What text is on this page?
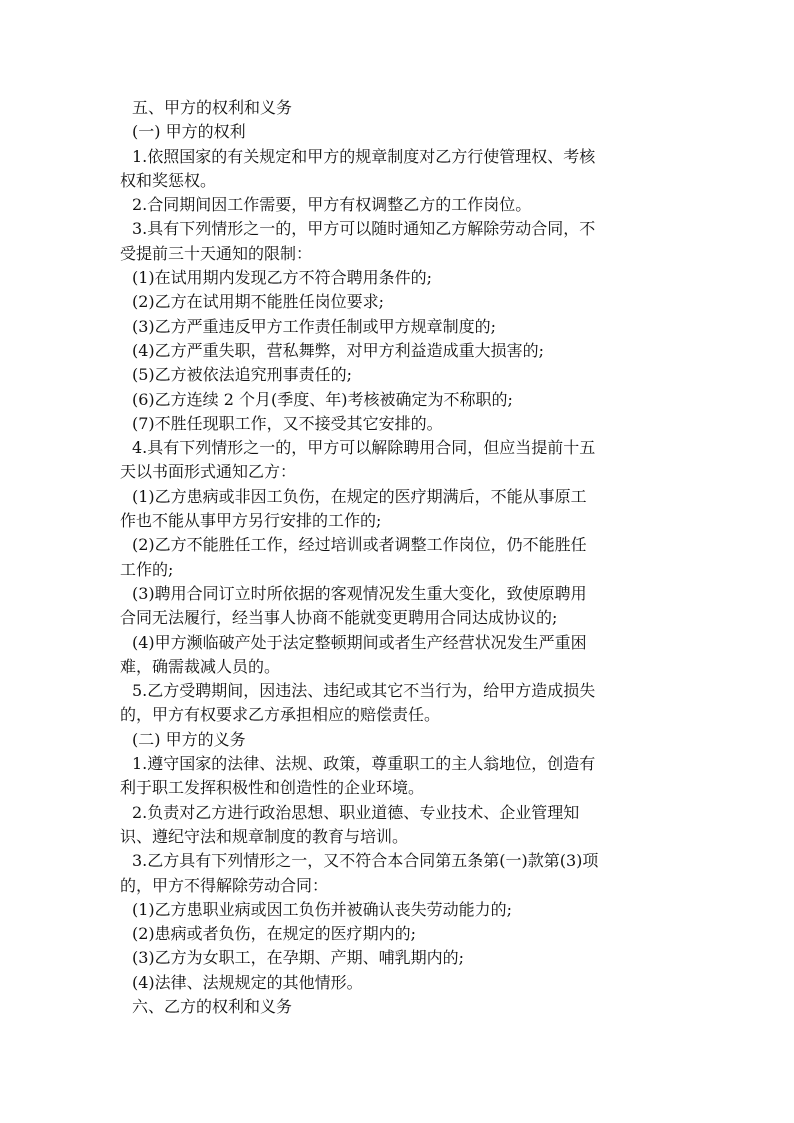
五、甲方的权利和义务
(一) 甲方的权利
1.依照国家的有关规定和甲方的规章制度对乙方行使管理权、考核
权和奖惩权。
2.合同期间因工作需要，甲方有权调整乙方的工作岗位。
3.具有下列情形之一的，甲方可以随时通知乙方解除劳动合同，不
受提前三十天通知的限制：
(1)在试用期内发现乙方不符合聘用条件的;
(2)乙方在试用期不能胜任岗位要求;
(3)乙方严重违反甲方工作责任制或甲方规章制度的;
(4)乙方严重失职，营私舞弊，对甲方利益造成重大损害的;
(5)乙方被依法追究刑事责任的;
(6)乙方连续 2 个月(季度、年)考核被确定为不称职的;
(7)不胜任现职工作，又不接受其它安排的。
4.具有下列情形之一的，甲方可以解除聘用合同，但应当提前十五
天以书面形式通知乙方：
(1)乙方患病或非因工负伤，在规定的医疗期满后，不能从事原工
作也不能从事甲方另行安排的工作的;
(2)乙方不能胜任工作，经过培训或者调整工作岗位，仍不能胜任
工作的;
(3)聘用合同订立时所依据的客观情况发生重大变化，致使原聘用
合同无法履行，经当事人协商不能就变更聘用合同达成协议的;
(4)甲方濒临破产处于法定整顿期间或者生产经营状况发生严重困
难，确需裁减人员的。
5.乙方受聘期间，因违法、违纪或其它不当行为，给甲方造成损失
的，甲方有权要求乙方承担相应的赔偿责任。
(二) 甲方的义务
1.遵守国家的法律、法规、政策，尊重职工的主人翁地位，创造有
利于职工发挥积极性和创造性的企业环境。
2.负责对乙方进行政治思想、职业道德、专业技术、企业管理知
识、遵纪守法和规章制度的教育与培训。
3.乙方具有下列情形之一，又不符合本合同第五条第(一)款第(3)项
的，甲方不得解除劳动合同：
(1)乙方患职业病或因工负伤并被确认丧失劳动能力的;
(2)患病或者负伤，在规定的医疗期内的;
(3)乙方为女职工，在孕期、产期、哺乳期内的;
(4)法律、法规规定的其他情形。
六、乙方的权利和义务
